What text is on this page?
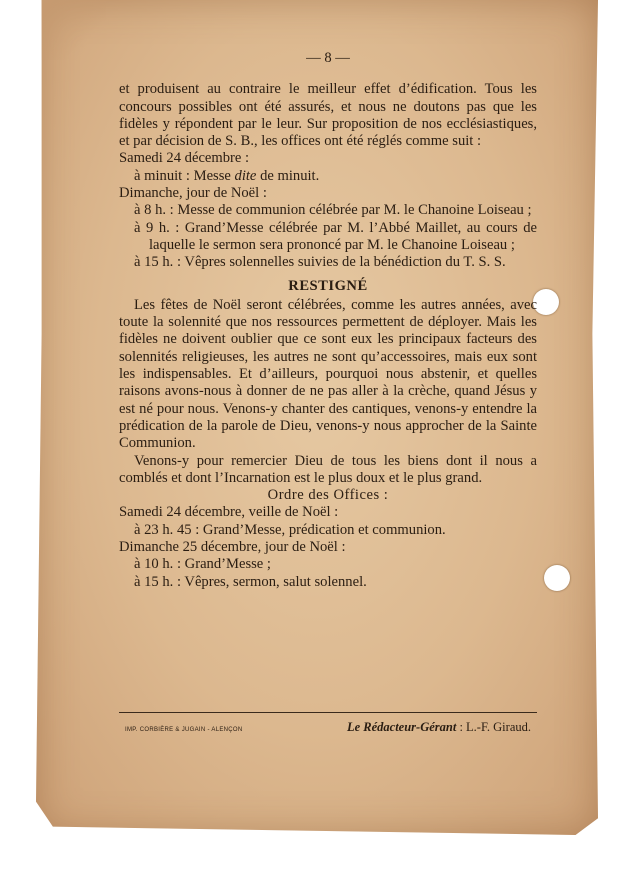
— 8 —

et produisent au contraire le meilleur effet d’édification. Tous les concours possibles ont été assurés, et nous ne doutons pas que les fidèles y répondent par le leur. Sur proposition de nos ecclésiastiques, et par décision de S. B., les offices ont été réglés comme suit :

Samedi 24 décembre :

à minuit : Messe dite de minuit.

Dimanche, jour de Noël :

à 8 h. : Messe de communion célébrée par M. le Chanoine Loiseau ;

à 9 h. : Grand’Messe célébrée par M. l’Abbé Maillet, au cours de laquelle le sermon sera prononcé par M. le Chanoine Loiseau ;

à 15 h. : Vêpres solennelles suivies de la bénédiction du T. S. S.

RESTIGNÉ

Les fêtes de Noël seront célébrées, comme les autres années, avec toute la solennité que nos ressources permettent de déployer. Mais les fidèles ne doivent oublier que ce sont eux les principaux facteurs des solennités religieuses, les autres ne sont qu’accessoires, mais eux sont les indispensables. Et d’ailleurs, pourquoi nous abstenir, et quelles raisons avons-nous à donner de ne pas aller à la crèche, quand Jésus y est né pour nous. Venons-y chanter des cantiques, venons-y entendre la prédication de la parole de Dieu, venons-y nous approcher de la Sainte Communion.

Venons-y pour remercier Dieu de tous les biens dont il nous a comblés et dont l’Incarnation est le plus doux et le plus grand.

Ordre des Offices :

Samedi 24 décembre, veille de Noël :

à 23 h. 45 : Grand’Messe, prédication et communion.

Dimanche 25 décembre, jour de Noël :

à 10 h. : Grand’Messe ;

à 15 h. : Vêpres, sermon, salut solennel.

IMP. CORBIÈRE & JUGAIN - ALENÇON	Le Rédacteur-Gérant : L.-F. Giraud.
